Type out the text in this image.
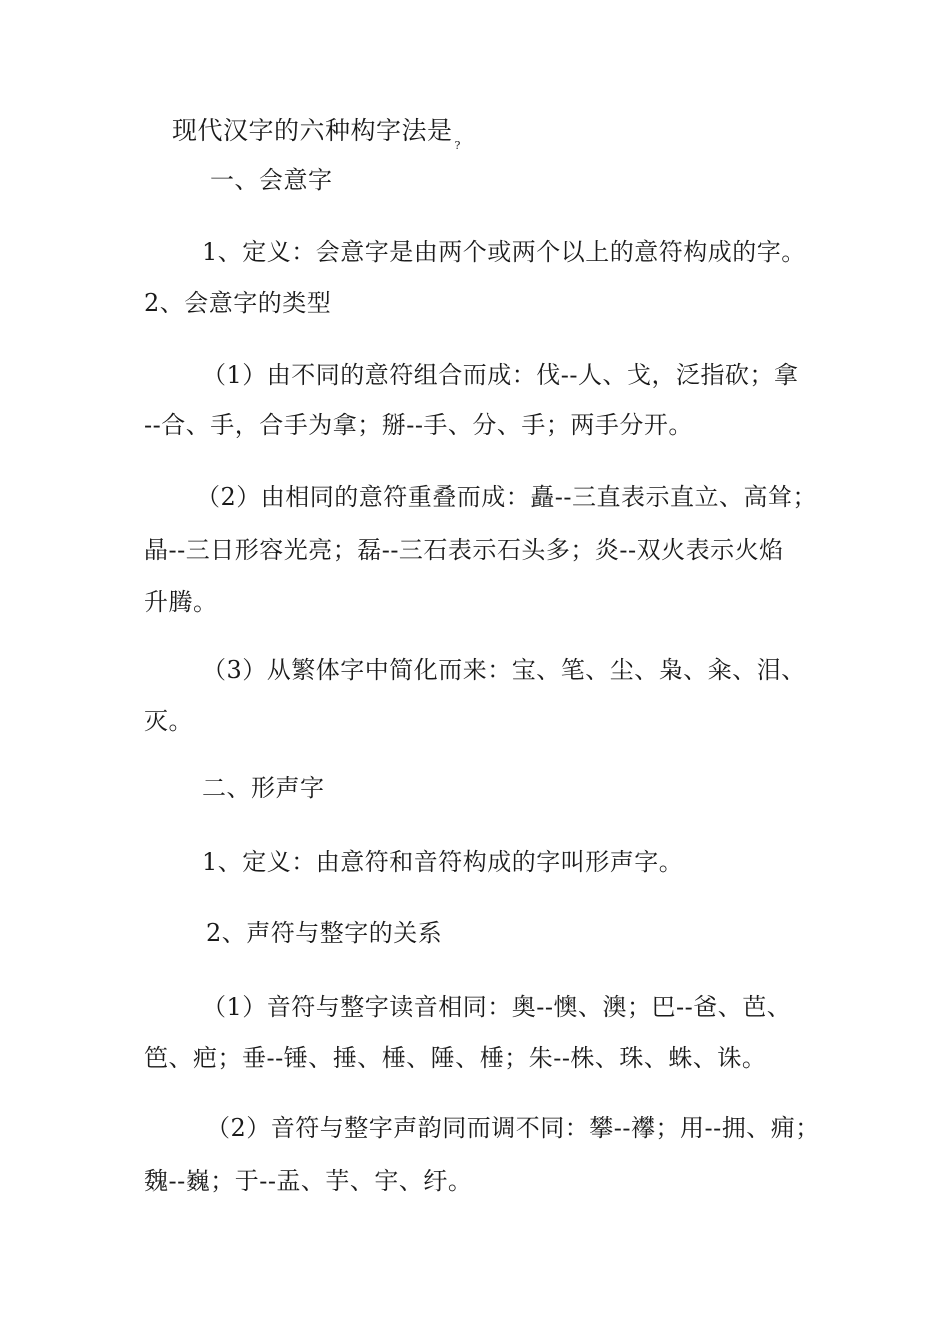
现代汉字的六种构字法是$_?$
一、会意字
1、定义：会意字是由两个或两个以上的意符构成的字。
2、会意字的类型
（1）由不同的意符组合而成：伐--人、戈，泛指砍；拿
--合、手，合手为拿；掰--手、分、手；两手分开。
（2）由相同的意符重叠而成：矗--三直表示直立、高耸；
晶--三日形容光亮；磊--三石表示石头多；炎--双火表示火焰
升腾。
（3）从繁体字中简化而来：宝、笔、尘、枭、籴、泪、
灭。
二、形声字
1、定义：由意符和音符构成的字叫形声字。
2、声符与整字的关系
（1）音符与整字读音相同：奥--懊、澳；巴--爸、芭、
笆、疤；垂--锤、捶、棰、陲、棰；朱--株、珠、蛛、诛。
（2）音符与整字声韵同而调不同：攀--襻；用--拥、痈；
魏--巍；于--盂、芋、宇、纡。
